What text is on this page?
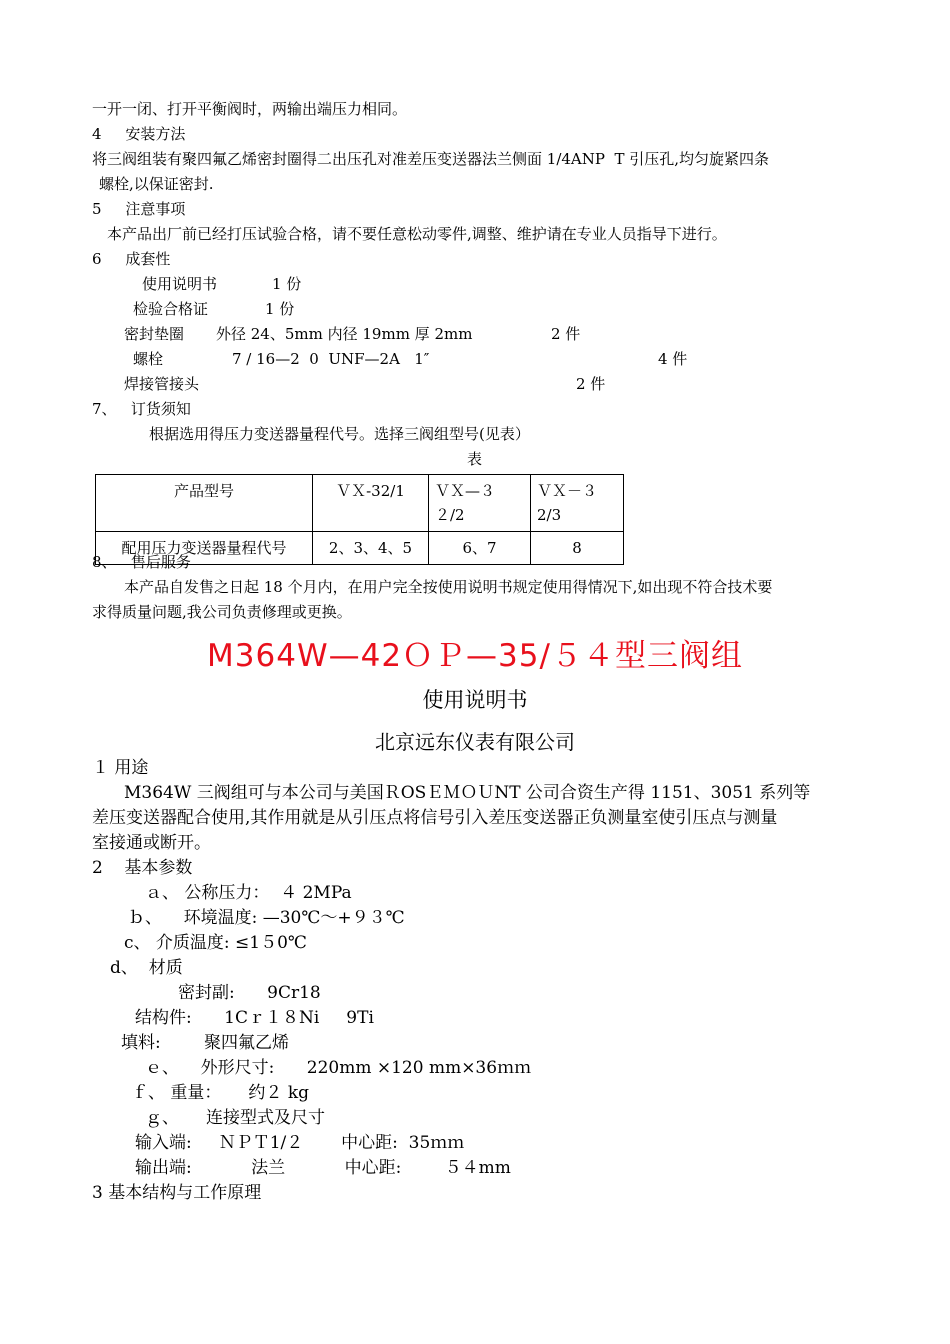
一开一闭、打开平衡阀时，两输出端压力相同。
4     安装方法
将三阀组装有聚四氟乙烯密封圈得二出压孔对准差压变送器法兰侧面 1/4ANP  T 引压孔,均匀旋紧四条
螺栓,以保证密封.
5     注意事项
本产品出厂前已经打压试验合格，请不要任意松动零件,调整、维护请在专业人员指导下进行。
6     成套性
使用说明书	1 份
检验合格证	1 份
密封垫圈 外径 24、5mm 内径 19mm 厚 2mm	2 件
螺栓	7 / 16—2  0  UNF—2A   1″	4 件
焊接管接头	2 件
7、   订货须知
根据选用得压力变送器量程代号。选择三阀组型号(见表）
表
产品型号	ＶＸ-32/1	ＶＸ—３２/2	ＶＸ－３2/3
配用压力变送器量程代号	2、3、4、5	6、7	8
8、   售后服务
本产品自发售之日起 18 个月内，在用户完全按使用说明书规定使用得情况下,如出现不符合技术要
求得质量问题,我公司负责修理或更换。
M364W—42ＯＰ—35/５４型三阀组
使用说明书
北京远东仪表有限公司
１ 用途
M364W 三阀组可与本公司与美国ＲOSＥＭＯＵNT 公司合资生产得 1151、3051 系列等
差压变送器配合使用,其作用就是从引压点将信号引入差压变送器正负测量室使引压点与测量
室接通或断开。
2    基本参数
ａ、 公称压力：  ４ 2MPa
ｂ、    环境温度: —30℃～+９３℃
c、 介质温度: ≤1５0℃
d、  材质
密封副:      9Cr18
结构件:      1Cｒ１８Ni     9Ti
填料:        聚四氟乙烯
ｅ、    外形尺寸:      220mm ×120 mm×36ｍｍ
ｆ、 重量：     约２ kg
ｇ、     连接型式及尺寸
输入端:     ＮＰＴ1/２       中心距:  35ｍｍ
输出端:           法兰           中心距:        ５４mm
3 基本结构与工作原理
